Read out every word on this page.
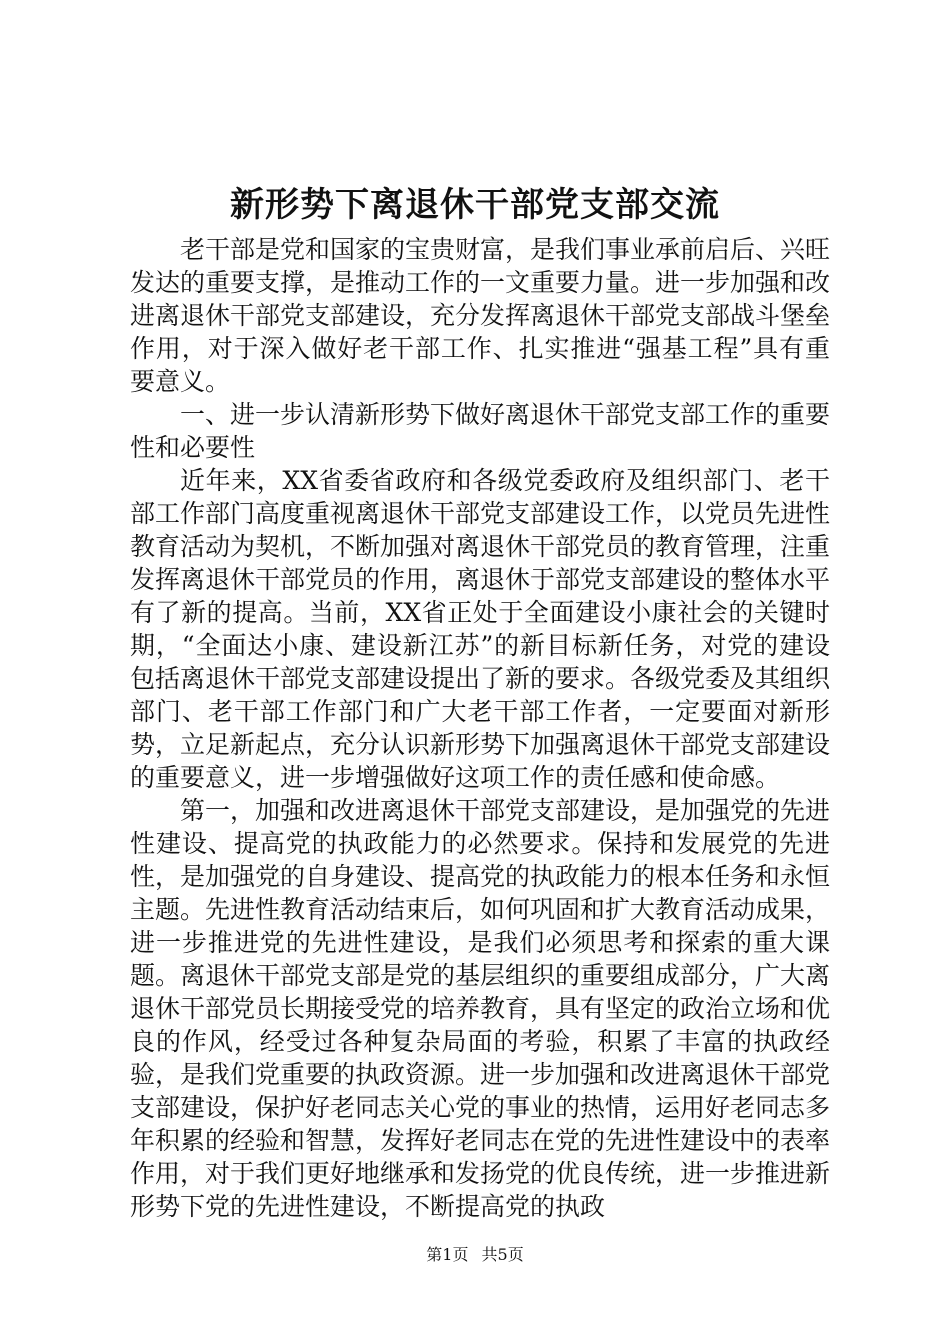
新形势下离退休干部党支部交流

老干部是党和国家的宝贵财富，是我们事业承前启后、兴旺发达的重要支撑，是推动工作的一文重要力量。进一步加强和改进离退休干部党支部建设，充分发挥离退休干部党支部战斗堡垒作用，对于深入做好老干部工作、扎实推进“强基工程”具有重要意义。

一、进一步认清新形势下做好离退休干部党支部工作的重要性和必要性

近年来，XX省委省政府和各级党委政府及组织部门、老干部工作部门高度重视离退休干部党支部建设工作，以党员先进性教育活动为契机，不断加强对离退休干部党员的教育管理，注重发挥离退休干部党员的作用，离退休于部党支部建设的整体水平有了新的提高。当前，XX省正处于全面建设小康社会的关键时期，“全面达小康、建设新江苏”的新目标新任务，对党的建设包括离退休干部党支部建设提出了新的要求。各级党委及其组织部门、老干部工作部门和广大老干部工作者，一定要面对新形势，立足新起点，充分认识新形势下加强离退休干部党支部建设的重要意义，进一步增强做好这项工作的责任感和使命感。

第一，加强和改进离退休干部党支部建设，是加强党的先进性建设、提高党的执政能力的必然要求。保持和发展党的先进性，是加强党的自身建设、提高党的执政能力的根本任务和永恒主题。先进性教育活动结束后，如何巩固和扩大教育活动成果，进一步推进党的先进性建设，是我们必须思考和探索的重大课题。离退休干部党支部是党的基层组织的重要组成部分，广大离退休干部党员长期接受党的培养教育，具有坚定的政治立场和优良的作风，经受过各种复杂局面的考验，积累了丰富的执政经验，是我们党重要的执政资源。进一步加强和改进离退休干部党支部建设，保护好老同志关心党的事业的热情，运用好老同志多年积累的经验和智慧，发挥好老同志在党的先进性建设中的表率作用，对于我们更好地继承和发扬党的优良传统，进一步推进新形势下党的先进性建设，不断提高党的执政

第1页 共5页
